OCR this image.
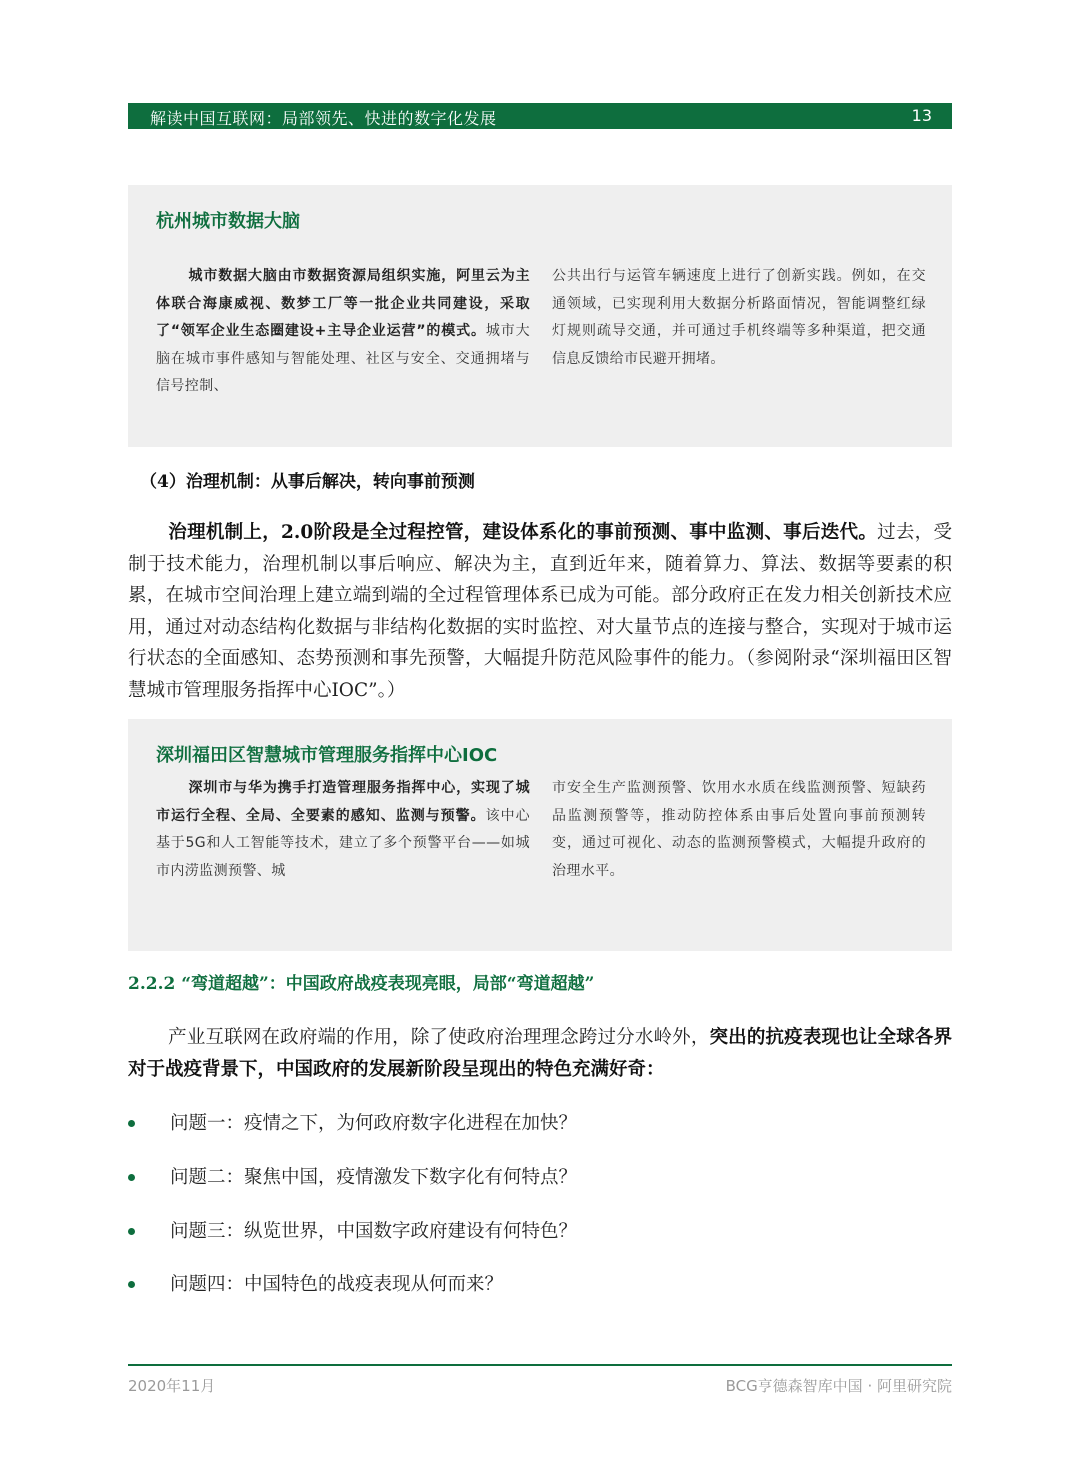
解读中国互联网：局部领先、快进的数字化发展	13
杭州城市数据大脑
城市数据大脑由市数据资源局组织实施，阿里云为主体联合海康威视、数梦工厂等一批企业共同建设，采取了“领军企业生态圈建设+主导企业运营”的模式。城市大脑在城市事件感知与智能处理、社区与安全、交通拥堵与信号控制、
公共出行与运管车辆速度上进行了创新实践。例如，在交通领域，已实现利用大数据分析路面情况，智能调整红绿灯规则疏导交通，并可通过手机终端等多种渠道，把交通信息反馈给市民避开拥堵。
（4）治理机制：从事后解决，转向事前预测
治理机制上，2.0阶段是全过程控管，建设体系化的事前预测、事中监测、事后迭代。过去，受制于技术能力，治理机制以事后响应、解决为主，直到近年来，随着算力、算法、数据等要素的积累，在城市空间治理上建立端到端的全过程管理体系已成为可能。部分政府正在发力相关创新技术应用，通过对动态结构化数据与非结构化数据的实时监控、对大量节点的连接与整合，实现对于城市运行状态的全面感知、态势预测和事先预警，大幅提升防范风险事件的能力。（参阅附录“深圳福田区智慧城市管理服务指挥中心IOC”。）
深圳福田区智慧城市管理服务指挥中心IOC
深圳市与华为携手打造管理服务指挥中心，实现了城市运行全程、全局、全要素的感知、监测与预警。该中心基于5G和人工智能等技术，建立了多个预警平台——如城市内涝监测预警、城
市安全生产监测预警、饮用水水质在线监测预警、短缺药品监测预警等，推动防控体系由事后处置向事前预测转变，通过可视化、动态的监测预警模式，大幅提升政府的治理水平。
2.2.2 “弯道超越”：中国政府战疫表现亮眼，局部“弯道超越”
产业互联网在政府端的作用，除了使政府治理理念跨过分水岭外，突出的抗疫表现也让全球各界对于战疫背景下，中国政府的发展新阶段呈现出的特色充满好奇：
问题一：疫情之下，为何政府数字化进程在加快？
问题二：聚焦中国，疫情激发下数字化有何特点？
问题三：纵览世界，中国数字政府建设有何特色？
问题四：中国特色的战疫表现从何而来？
2020年11月	BCG亨德森智库中国 · 阿里研究院
